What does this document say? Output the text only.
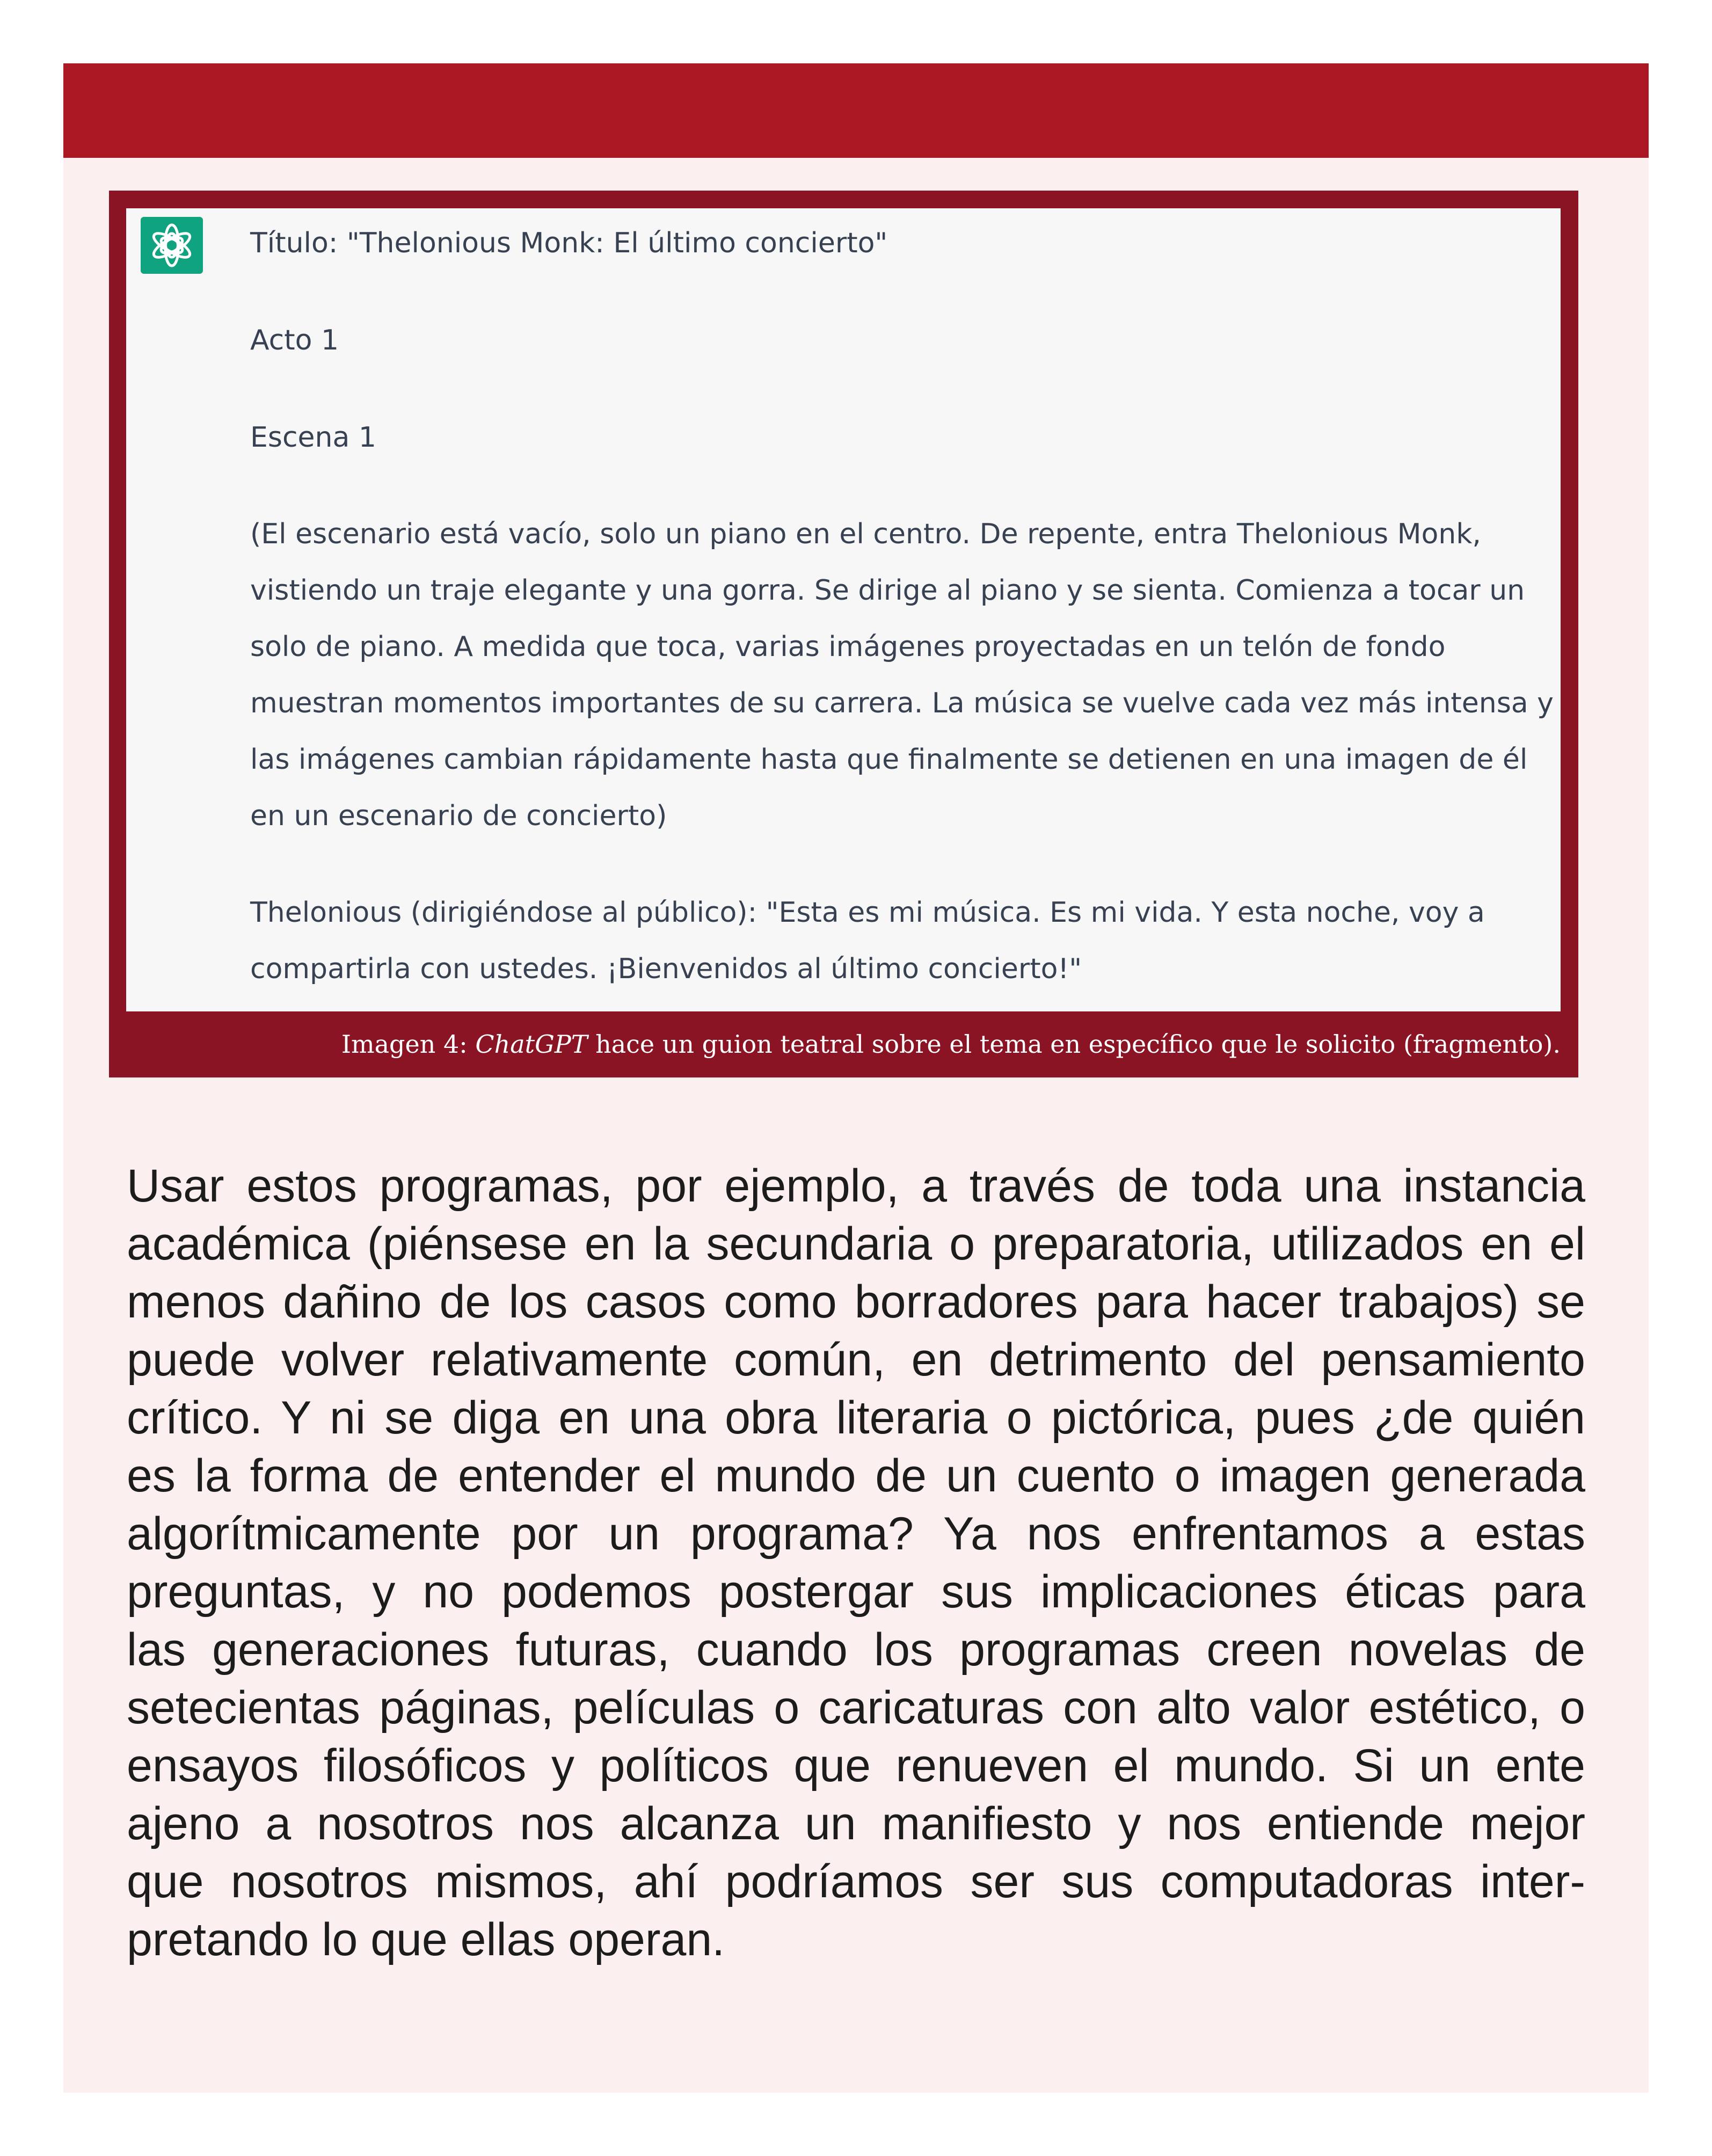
Título: "Thelonious Monk: El último concierto"

Acto 1

Escena 1

(El escenario está vacío, solo un piano en el centro. De repente, entra Thelonious Monk,

vistiendo un traje elegante y una gorra. Se dirige al piano y se sienta. Comienza a tocar un

solo de piano. A medida que toca, varias imágenes proyectadas en un telón de fondo

muestran momentos importantes de su carrera. La música se vuelve cada vez más intensa y

las imágenes cambian rápidamente hasta que finalmente se detienen en una imagen de él

en un escenario de concierto)

Thelonious (dirigiéndose al público): "Esta es mi música. Es mi vida. Y esta noche, voy a

compartirla con ustedes. ¡Bienvenidos al último concierto!"

Imagen 4: ChatGPT hace un guion teatral sobre el tema en específico que le solicito (fragmento).
Usar estos programas, por ejemplo, a través de toda una instancia
académica (piénsese en la secundaria o preparatoria, utilizados en el
menos dañino de los casos como borradores para hacer trabajos) se
puede volver relativamente común, en detrimento del pensamiento
crítico. Y ni se diga en una obra literaria o pictórica, pues ¿de quién
es la forma de entender el mundo de un cuento o imagen generada
algorítmicamente por un programa? Ya nos enfrentamos a estas
preguntas, y no podemos postergar sus implicaciones éticas para
las generaciones futuras, cuando los programas creen novelas de
setecientas páginas, películas o caricaturas con alto valor estético, o
ensayos filosóficos y políticos que renueven el mundo. Si un ente
ajeno a nosotros nos alcanza un manifiesto y nos entiende mejor
que nosotros mismos, ahí podríamos ser sus computadoras inter-
pretando lo que ellas operan.
